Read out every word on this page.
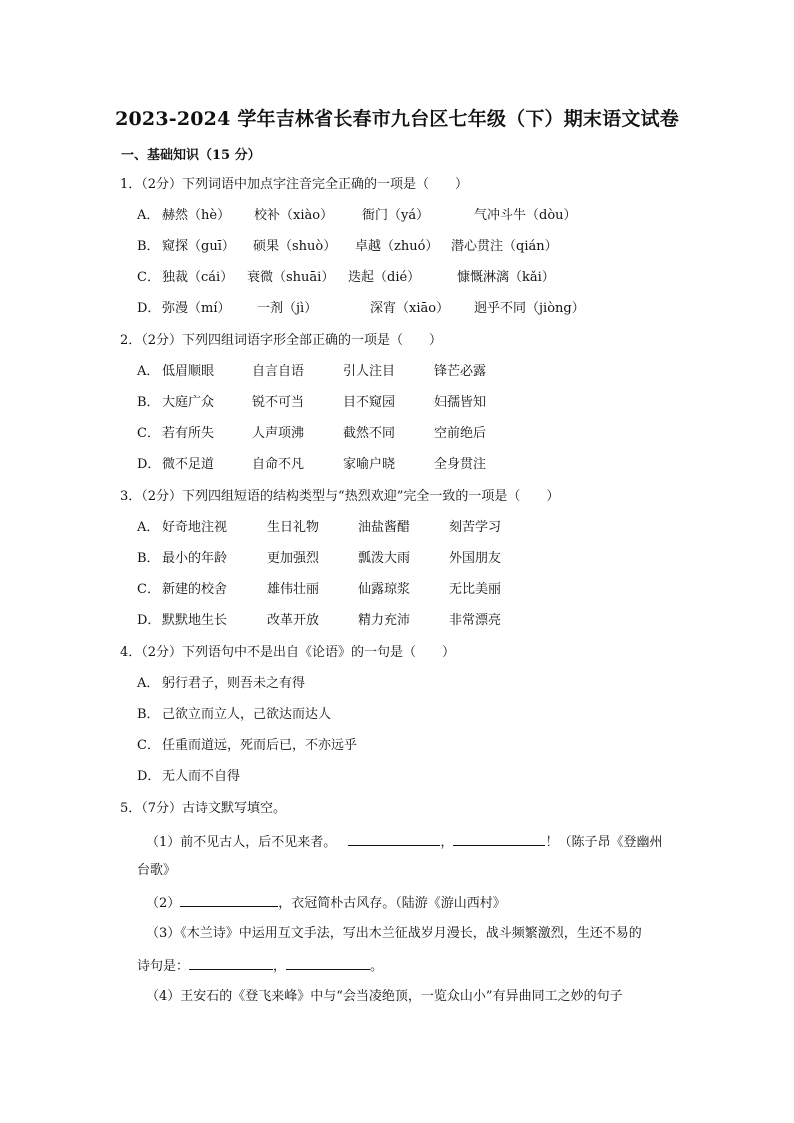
2023-2024 学年吉林省长春市九台区七年级（下）期末语文试卷
一、基础知识（15 分）
1．（2分）下列词语中加点字注音完全正确的一项是（　　）
A． 赫然（hè） 校补（xiào） 衙门（yá）	气冲斗牛（dòu）
B． 窥探（guī） 硕果（shuò） 卓越（zhuó） 潜心贯注（qián）
C． 独裁（cái） 衰微（shuāi） 迭起（dié）	慷慨淋漓（kǎi）
D． 弥漫（mí） 一剂（jì）	深宵（xiāo） 迥乎不同（jiòng）
2．（2分）下列四组词语字形全部正确的一项是（　　）
A． 低眉顺眼	自言自语	引人注目	锋芒必露
B． 大庭广众	锐不可当	目不窥园	妇孺皆知
C． 若有所失	人声项沸	截然不同	空前绝后
D． 微不足道	自命不凡	家喻户晓	全身贯注
3．（2分）下列四组短语的结构类型与“热烈欢迎”完全一致的一项是（　　）
A． 好奇地注视	生日礼物	油盐酱醋	刻苦学习
B． 最小的年龄	更加强烈	瓢泼大雨	外国朋友
C． 新建的校舍	雄伟壮丽	仙露琼浆	无比美丽
D． 默默地生长	改革开放	精力充沛	非常漂亮
4．（2分）下列语句中不是出自《论语》的一句是（　　）
A． 躬行君子，则吾未之有得
B． 己欲立而立人，己欲达而达人
C． 任重而道远，死而后已，不亦远乎
D． 无人而不自得
5．（7分）古诗文默写填空。
（1）前不见古人，后不见来者。	，	！（陈子昂《登幽州
台歌》
（2）	，衣冠简朴古风存。（陆游《游山西村》
（3）《木兰诗》中运用互文手法，写出木兰征战岁月漫长，战斗频繁激烈，生还不易的
诗句是：	，	。
（4）王安石的《登飞来峰》中与“会当凌绝顶，一览众山小”有异曲同工之妙的句子
